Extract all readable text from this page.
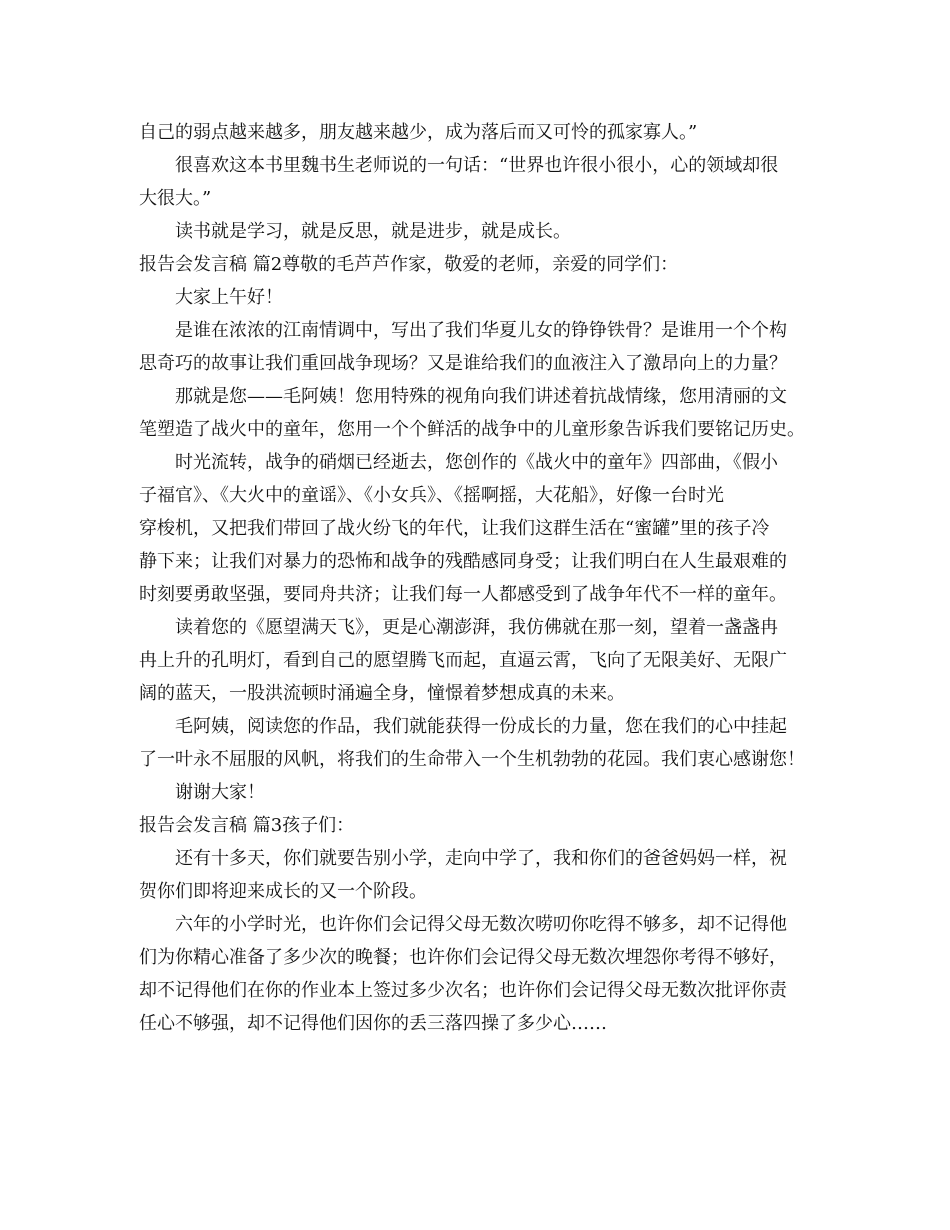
自己的弱点越来越多，朋友越来越少，成为落后而又可怜的孤家寡人。”
很喜欢这本书里魏书生老师说的一句话：“世界也许很小很小，心的领域却很
大很大。”
读书就是学习，就是反思，就是进步，就是成长。
报告会发言稿 篇2尊敬的毛芦芦作家，敬爱的老师，亲爱的同学们：
大家上午好！
是谁在浓浓的江南情调中，写出了我们华夏儿女的铮铮铁骨？是谁用一个个构
思奇巧的故事让我们重回战争现场？又是谁给我们的血液注入了激昂向上的力量？
那就是您——毛阿姨！您用特殊的视角向我们讲述着抗战情缘，您用清丽的文
笔塑造了战火中的童年，您用一个个鲜活的战争中的儿童形象告诉我们要铭记历史。
时光流转，战争的硝烟已经逝去，您创作的《战火中的童年》四部曲，《假小
子福官》、《大火中的童谣》、《小女兵》、《摇啊摇，大花船》，好像一台时光
穿梭机，又把我们带回了战火纷飞的年代，让我们这群生活在“蜜罐”里的孩子冷
静下来；让我们对暴力的恐怖和战争的残酷感同身受；让我们明白在人生最艰难的
时刻要勇敢坚强，要同舟共济；让我们每一人都感受到了战争年代不一样的童年。
读着您的《愿望满天飞》，更是心潮澎湃，我仿佛就在那一刻，望着一盏盏冉
冉上升的孔明灯，看到自己的愿望腾飞而起，直逼云霄，飞向了无限美好、无限广
阔的蓝天，一股洪流顿时涌遍全身，憧憬着梦想成真的未来。
毛阿姨，阅读您的作品，我们就能获得一份成长的力量，您在我们的心中挂起
了一叶永不屈服的风帆，将我们的生命带入一个生机勃勃的花园。我们衷心感谢您！
谢谢大家！
报告会发言稿 篇3孩子们：
还有十多天，你们就要告别小学，走向中学了，我和你们的爸爸妈妈一样，祝
贺你们即将迎来成长的又一个阶段。
六年的小学时光，也许你们会记得父母无数次唠叨你吃得不够多，却不记得他
们为你精心准备了多少次的晚餐；也许你们会记得父母无数次埋怨你考得不够好，
却不记得他们在你的作业本上签过多少次名；也许你们会记得父母无数次批评你责
任心不够强，却不记得他们因你的丢三落四操了多少心……
